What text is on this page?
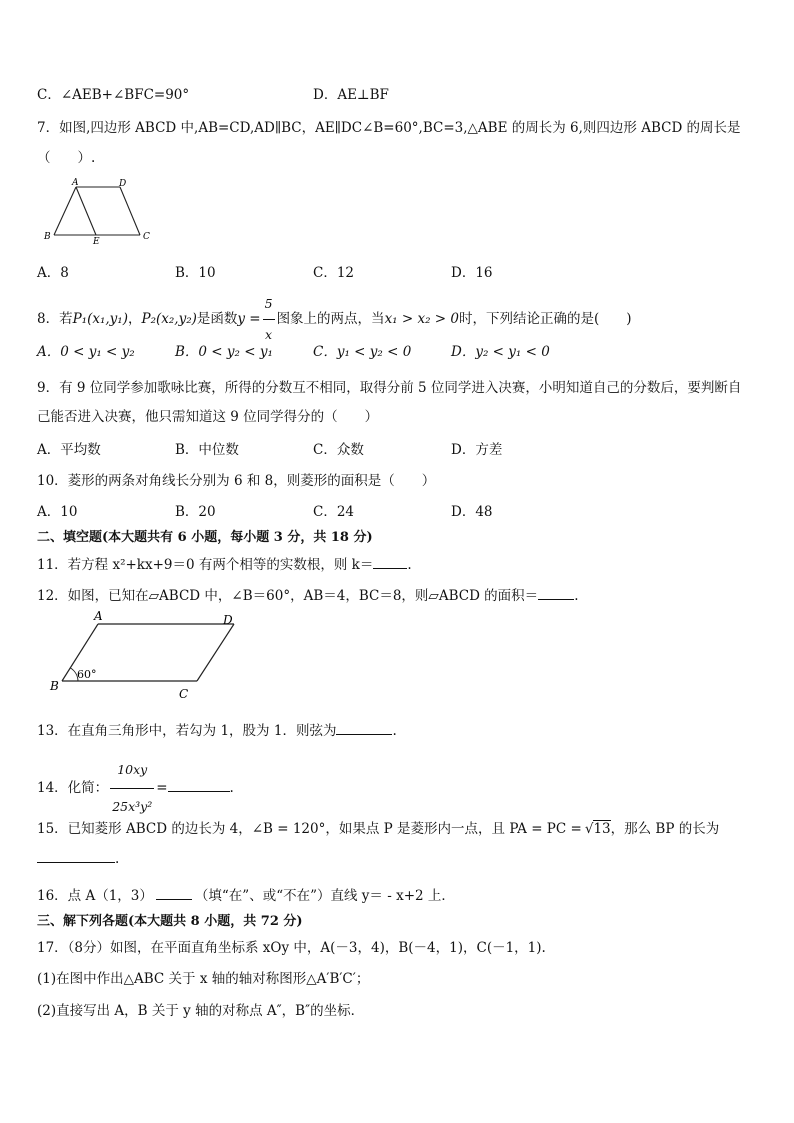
C．∠AEB+∠BFC=90°	D．AE⊥BF
7．如图,四边形 ABCD 中,AB=CD,AD∥BC，AE∥DC∠B=60°,BC=3,△ABE 的周长为 6,则四边形 ABCD 的周长是
（　　）.
A	D
B	E	C
A．8	B．10	C．12	D．16
8．若P₁(x₁,y₁)，P₂(x₂,y₂)是函数$y = \frac{5}{x}$ 图象上的两点，当x₁ > x₂ > 0时，下列结论正确的是(　　)
A．0 < y₁ < y₂	B．0 < y₂ < y₁	C．y₁ < y₂ < 0	D．y₂ < y₁ < 0
9．有 9 位同学参加歌咏比赛，所得的分数互不相同，取得分前 5 位同学进入决赛，小明知道自己的分数后，要判断自
己能否进入决赛，他只需知道这 9 位同学得分的（　　）
A．平均数	B．中位数	C．众数	D．方差
10．菱形的两条对角线长分别为 6 和 8，则菱形的面积是（　　）
A．10	B．20	C．24	D．48
二、填空题(本大题共有 6 小题，每小题 3 分，共 18 分)
11．若方程 x²+kx+9＝0 有两个相等的实数根，则 k＝	.
12．如图，已知在▱ABCD 中，∠B＝60°，AB＝4，BC＝8，则▱ABCD 的面积＝	.
A	D
B
C
60°
13．在直角三角形中，若勾为 1，股为 1．则弦为	.
14．化简： $\frac{10xy}{\text{25x³y²}}$ =	.
15．已知菱形 ABCD 的边长为 4，∠B = 120°，如果点 P 是菱形内一点，且 PA = PC = √13，那么 BP 的长为
.
16．点 A（1，3）	（填“在”、或“不在”）直线 y＝ - x+2 上．
三、解下列各题(本大题共 8 小题，共 72 分)
17．（8分）如图，在平面直角坐标系 xOy 中，A(－3，4)，B(－4，1)，C(－1，1).
(1)在图中作出△ABC 关于 x 轴的轴对称图形△A′B′C′；
(2)直接写出 A，B 关于 y 轴的对称点 A″，B″的坐标．
